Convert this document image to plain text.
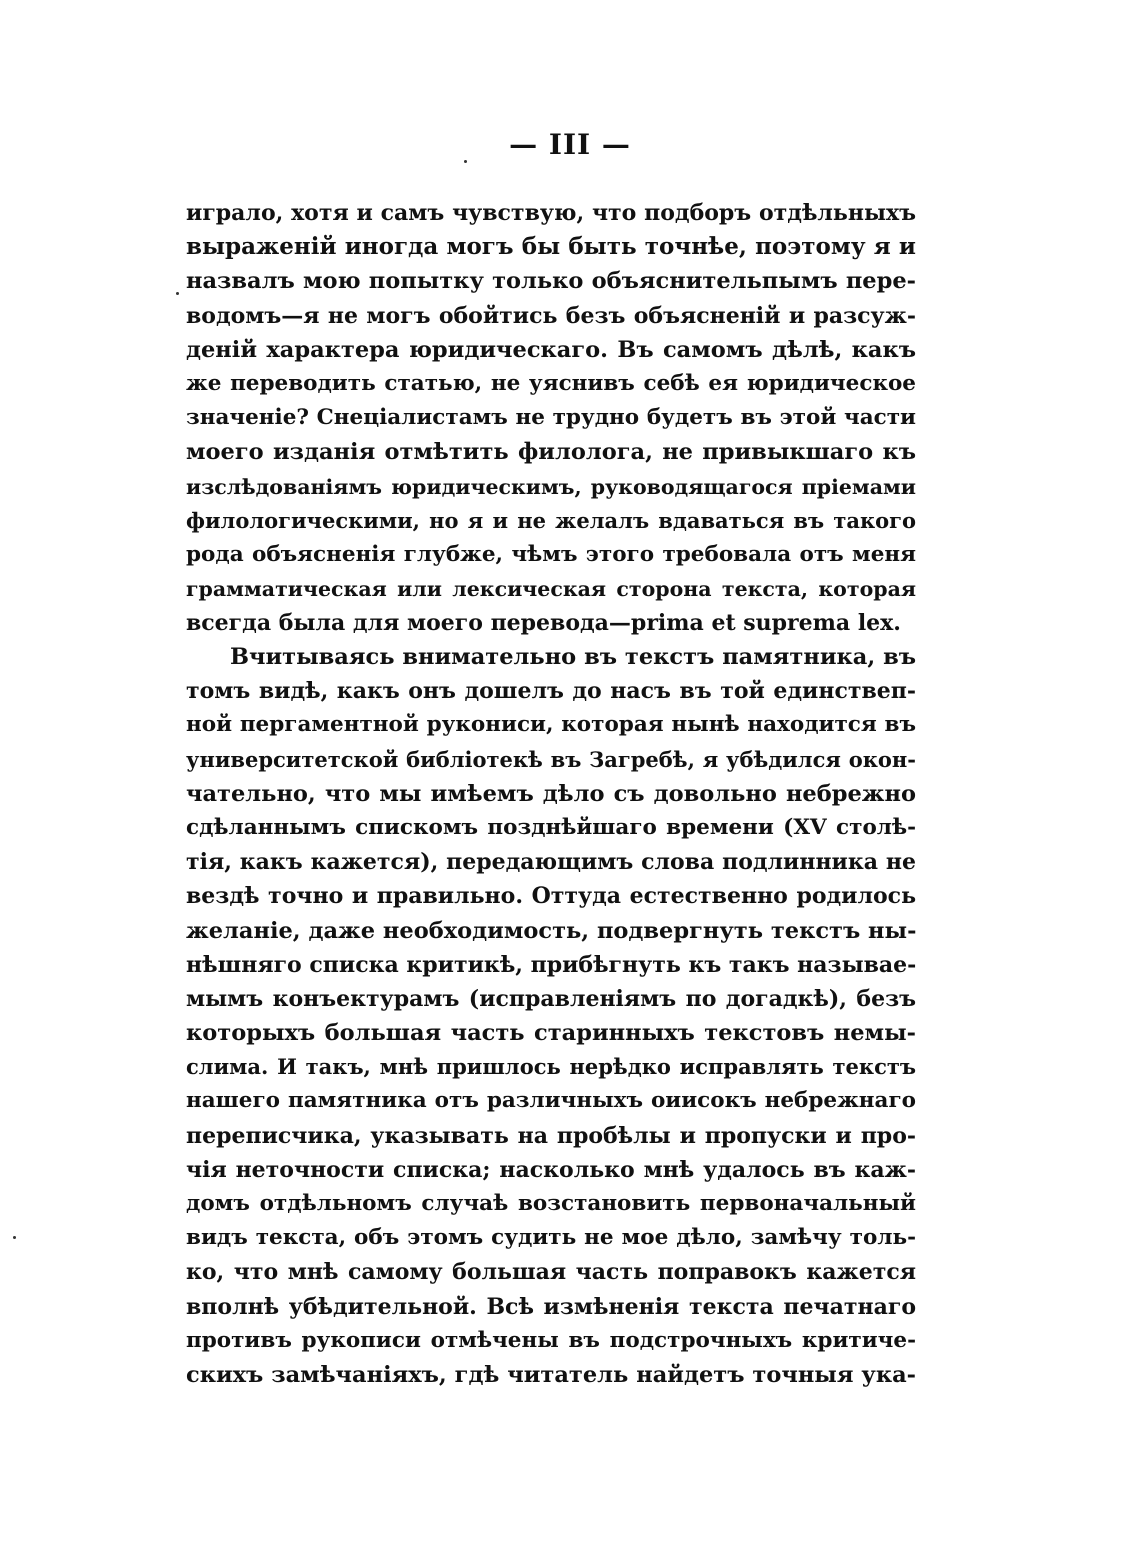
— III —
играло, хотя и самъ чувствую, что подборъ отдѣльныхъ
выраженій иногда могъ бы быть точнѣе, поэтому я и
назвалъ мою попытку только объяснительпымъ пере-
водомъ—я не могъ обойтись безъ объясненій и разсуж-
деній характера юридическаго. Въ самомъ дѣлѣ, какъ
же переводить статью, не уяснивъ себѣ ея юридическое
значеніе? Снеціалистамъ не трудно будетъ въ этой части
моего изданія отмѣтить филолога, не привыкшаго къ
изслѣдованіямъ юридическимъ, руководящагося пріемами
филологическими, но я и не желалъ вдаваться въ такого
рода объясненія глубже, чѣмъ этого требовала отъ меня
грамматическая или лексическая сторона текста, которая
всегда была для моего перевода—prima et suprema lex.
Вчитываясь внимательно въ текстъ памятника, въ
томъ видѣ, какъ онъ дошелъ до насъ въ той единствеп-
ной пергаментной рукониси, которая нынѣ находится въ
университетской библіотекѣ въ Загребѣ, я убѣдился окон-
чательно, что мы имѣемъ дѣло съ довольно небрежно
сдѣланнымъ спискомъ позднѣйшаго времени (XV столѣ-
тія, какъ кажется), передающимъ слова подлинника не
вездѣ точно и правильно. Оттуда естественно родилось
желаніе, даже необходимость, подвергнуть текстъ ны-
нѣшняго списка критикѣ, прибѣгнуть къ такъ называе-
мымъ конъектурамъ (исправленіямъ по догадкѣ), безъ
которыхъ большая часть старинныхъ текстовъ немы-
слима. И такъ, мнѣ пришлось нерѣдко исправлять текстъ
нашего памятника отъ различныхъ оиисокъ небрежнаго
переписчика, указывать на пробѣлы и пропуски и про-
чія неточности списка; насколько мнѣ удалось въ каж-
домъ отдѣльномъ случаѣ возстановить первоначальный
видъ текста, объ этомъ судить не мое дѣло, замѣчу толь-
ко, что мнѣ самому большая часть поправокъ кажется
вполнѣ убѣдительной. Всѣ измѣненія текста печатнаго
противъ рукописи отмѣчены въ подстрочныхъ критиче-
скихъ замѣчаніяхъ, гдѣ читатель найдетъ точныя ука-
